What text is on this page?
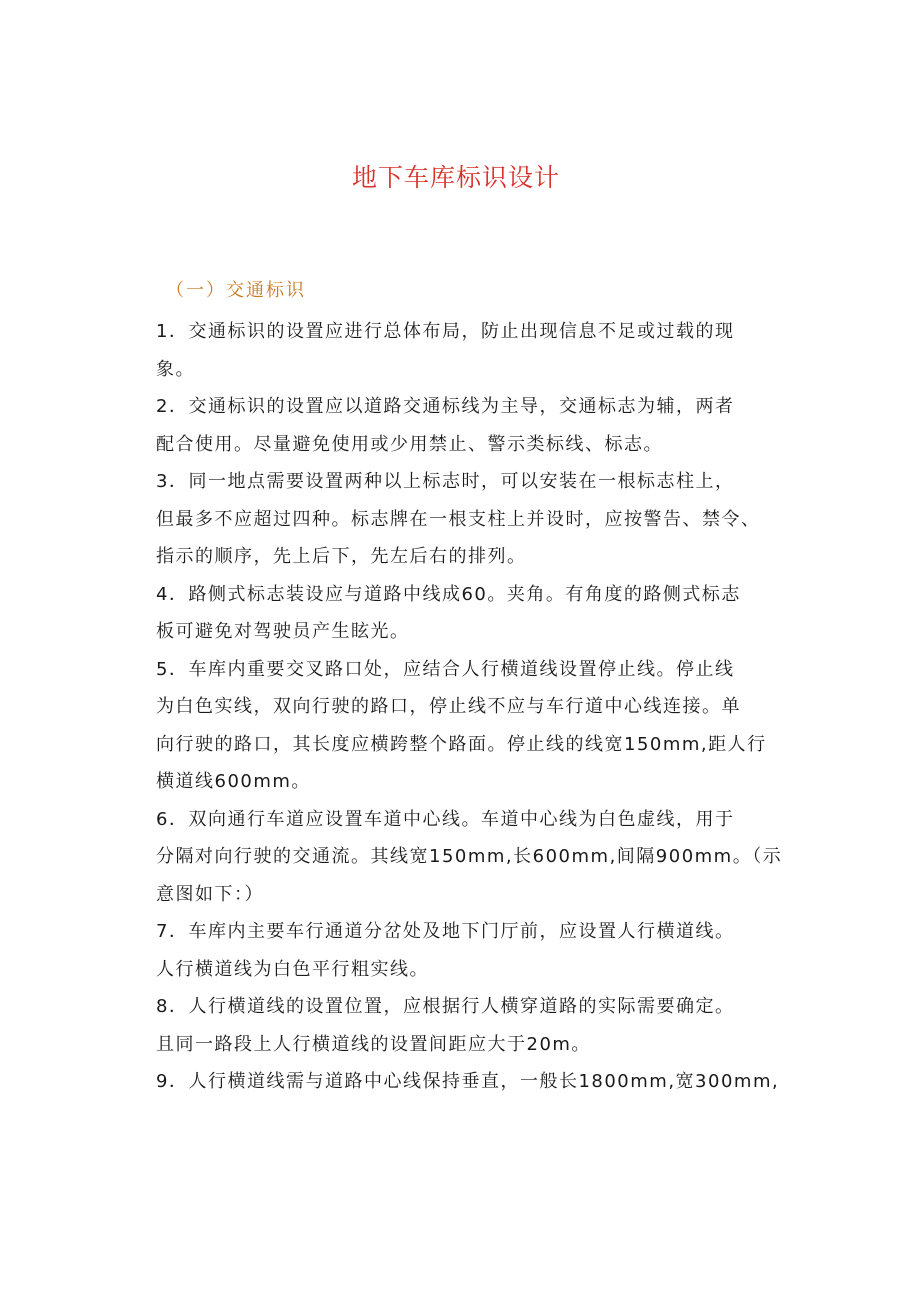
地下车库标识设计
（一）交通标识
1．交通标识的设置应进行总体布局，防止出现信息不足或过载的现
象。
2．交通标识的设置应以道路交通标线为主导，交通标志为辅，两者
配合使用。尽量避免使用或少用禁止、警示类标线、标志。
3．同一地点需要设置两种以上标志时，可以安装在一根标志柱上，
但最多不应超过四种。标志牌在一根支柱上并设时，应按警告、禁令、
指示的顺序，先上后下，先左后右的排列。
4．路侧式标志装设应与道路中线成60。夹角。有角度的路侧式标志
板可避免对驾驶员产生眩光。
5．车库内重要交叉路口处，应结合人行横道线设置停止线。停止线
为白色实线，双向行驶的路口，停止线不应与车行道中心线连接。单
向行驶的路口，其长度应横跨整个路面。停止线的线宽150mm,距人行
横道线600mm。
6．双向通行车道应设置车道中心线。车道中心线为白色虚线，用于
分隔对向行驶的交通流。其线宽150mm,长600mm,间隔900mm。（示
意图如下：）
7．车库内主要车行通道分岔处及地下门厅前，应设置人行横道线。
人行横道线为白色平行粗实线。
8．人行横道线的设置位置，应根据行人横穿道路的实际需要确定。
且同一路段上人行横道线的设置间距应大于20m。
9．人行横道线需与道路中心线保持垂直，一般长1800mm,宽300mm,
